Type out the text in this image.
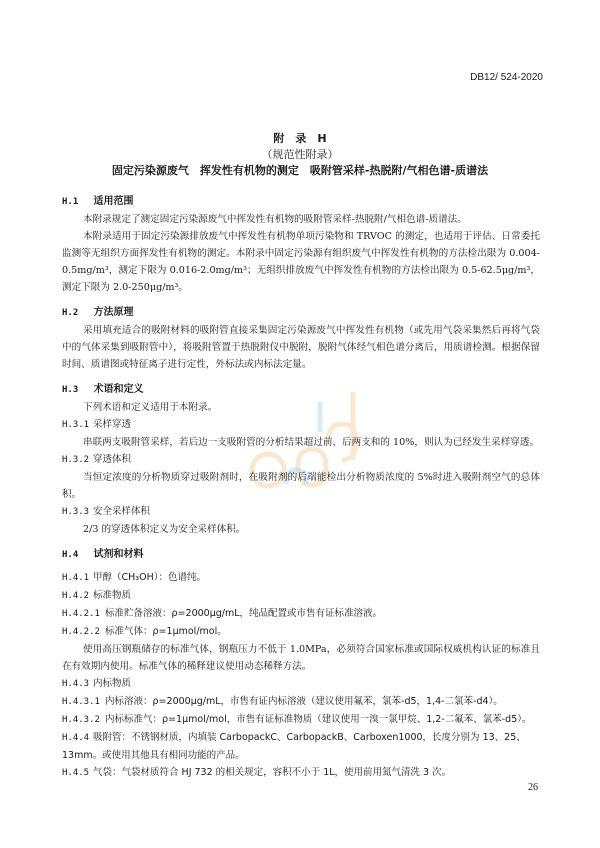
DB12/ 524-2020
附　录　H
（规范性附录）
固定污染源废气　挥发性有机物的测定　吸附管采样-热脱附/气相色谱-质谱法
H.1 适用范围

本附录规定了测定固定污染源废气中挥发性有机物的吸附管采样-热脱附/气相色谱-质谱法。

本附录适用于固定污染源排放废气中挥发性有机物单项污染物和 TRVOC 的测定，也适用于评估、日常委托监测等无组织方面挥发性有机物的测定。本附录中固定污染源有组织废气中挥发性有机物的方法检出限为 0.004-0.5mg/m³，测定下限为 0.016-2.0mg/m³；无组织排放废气中挥发性有机物的方法检出限为 0.5-62.5μg/m³，测定下限为 2.0-250μg/m³。

H.2 方法原理

采用填充适合的吸附材料的吸附管直接采集固定污染源废气中挥发性有机物（或先用气袋采集然后再将气袋中的气体采集到吸附管中），将吸附管置于热脱附仪中脱附，脱附气体经气相色谱分离后，用质谱检测。根据保留时间、质谱图或特征离子进行定性，外标法或内标法定量。

H.3 术语和定义

下列术语和定义适用于本附录。

H.3.1 采样穿透

串联两支吸附管采样，若后边一支吸附管的分析结果超过前、后两支和的 10%，则认为已经发生采样穿透。

H.3.2 穿透体积

当恒定浓度的分析物质穿过吸附剂时，在吸附剂的后端能检出分析物质浓度的 5%时进入吸附剂空气的总体积。

H.3.3 安全采样体积

2/3 的穿透体积定义为安全采样体积。

H.4 试剂和材料
H.4.1 甲醇（CH₃OH）：色谱纯。
H.4.2 标准物质
H.4.2.1 标准贮备溶液：ρ=2000μg/mL，纯品配置或市售有证标准溶液。
H.4.2.2 标准气体：ρ=1μmol/mol。

使用高压钢瓶储存的标准气体，钢瓶压力不低于 1.0MPa，必须符合国家标准或国际权威机构认证的标准且在有效期内使用。标准气体的稀释建议使用动态稀释方法。

H.4.3 内标物质
H.4.3.1 内标溶液：ρ=2000μg/mL，市售有证内标溶液（建议使用氟苯，氯苯-d5，1,4-二氯苯-d4）。
H.4.3.2 内标标准气：ρ=1μmol/mol，市售有证标准物质（建议使用一溴一氯甲烷、1,2-二氟苯、氯苯-d5）。
H.4.4 吸附管：不锈钢材质，内填装 CarbopackC、CarbopackB、Carboxen1000，长度分别为 13、25、13mm。或使用其他具有相同功能的产品。
H.4.5 气袋：气袋材质符合 HJ 732 的相关规定，容积不小于 1L，使用前用氮气清洗 3 次。
26
